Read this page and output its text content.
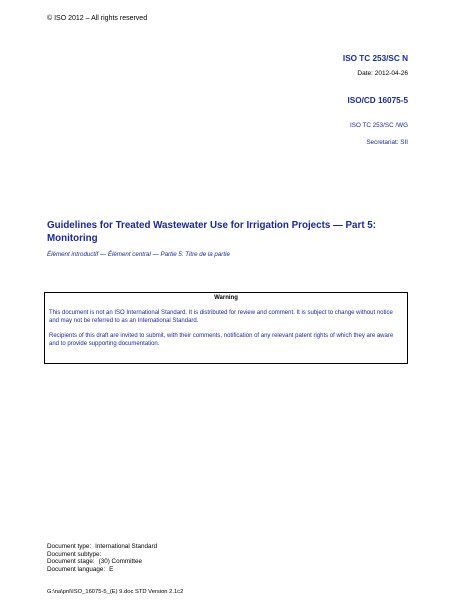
© ISO 2012 – All rights reserved
ISO TC 253/SC N
Date: 2012-04-26
ISO/CD 16075-5
ISO TC 253/SC /WG
Secretariat: SII
Guidelines for Treated Wastewater Use for Irrigation Projects — Part 5: Monitoring
Élément introductif — Élément central — Partie 5: Titre de la partie
Warning

This document is not an ISO International Standard. It is distributed for review and comment. It is subject to change without notice and may not be referred to as an International Standard.

Recipients of this draft are invited to submit, with their comments, notification of any relevant patent rights of which they are aware and to provide supporting documentation.

Document type: International Standard
Document subtype:
Document stage: (30) Committee
Document language: E
G:\na\pnl\ISO_16075-5_(E) 9.doc STD Version 2.1c2
